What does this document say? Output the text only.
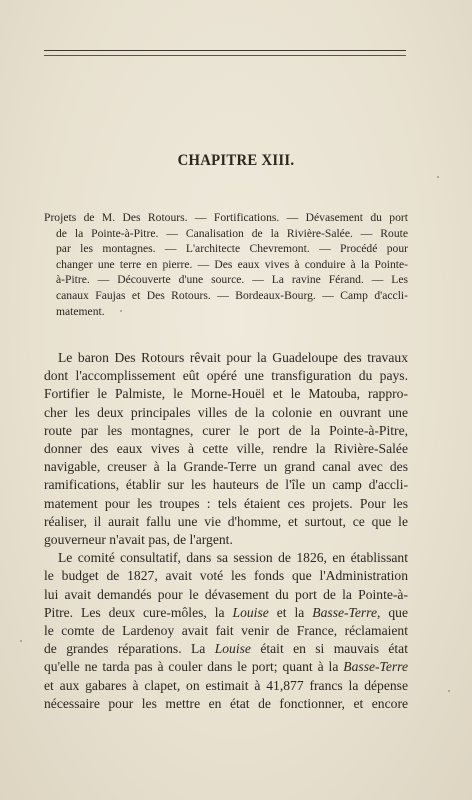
CHAPITRE XIII.
Projets de M. Des Rotours. — Fortifications. — Dévasement du port
de la Pointe-à-Pitre. — Canalisation de la Rivière-Salée. — Route
par les montagnes. — L'architecte Chevremont. — Procédé pour
changer une terre en pierre. — Des eaux vives à conduire à la Pointe-
à-Pitre. — Découverte d'une source. — La ravine Férand. — Les
canaux Faujas et Des Rotours. — Bordeaux-Bourg. — Camp d'accli-
matement.
Le baron Des Rotours rêvait pour la Guadeloupe des travaux
dont l'accomplissement eût opéré une transfiguration du pays.
Fortifier le Palmiste, le Morne-Houël et le Matouba, rappro-
cher les deux principales villes de la colonie en ouvrant une
route par les montagnes, curer le port de la Pointe-à-Pitre,
donner des eaux vives à cette ville, rendre la Rivière-Salée
navigable, creuser à la Grande-Terre un grand canal avec des
ramifications, établir sur les hauteurs de l'île un camp d'accli-
matement pour les troupes : tels étaient ces projets. Pour les
réaliser, il aurait fallu une vie d'homme, et surtout, ce que le
gouverneur n'avait pas, de l'argent.
Le comité consultatif, dans sa session de 1826, en établissant
le budget de 1827, avait voté les fonds que l'Administration
lui avait demandés pour le dévasement du port de la Pointe-à-
Pitre. Les deux cure-môles, la Louise et la Basse-Terre, que
le comte de Lardenoy avait fait venir de France, réclamaient
de grandes réparations. La Louise était en si mauvais état
qu'elle ne tarda pas à couler dans le port; quant à la Basse-Terre
et aux gabares à clapet, on estimait à 41,877 francs la dépense
nécessaire pour les mettre en état de fonctionner, et encore
